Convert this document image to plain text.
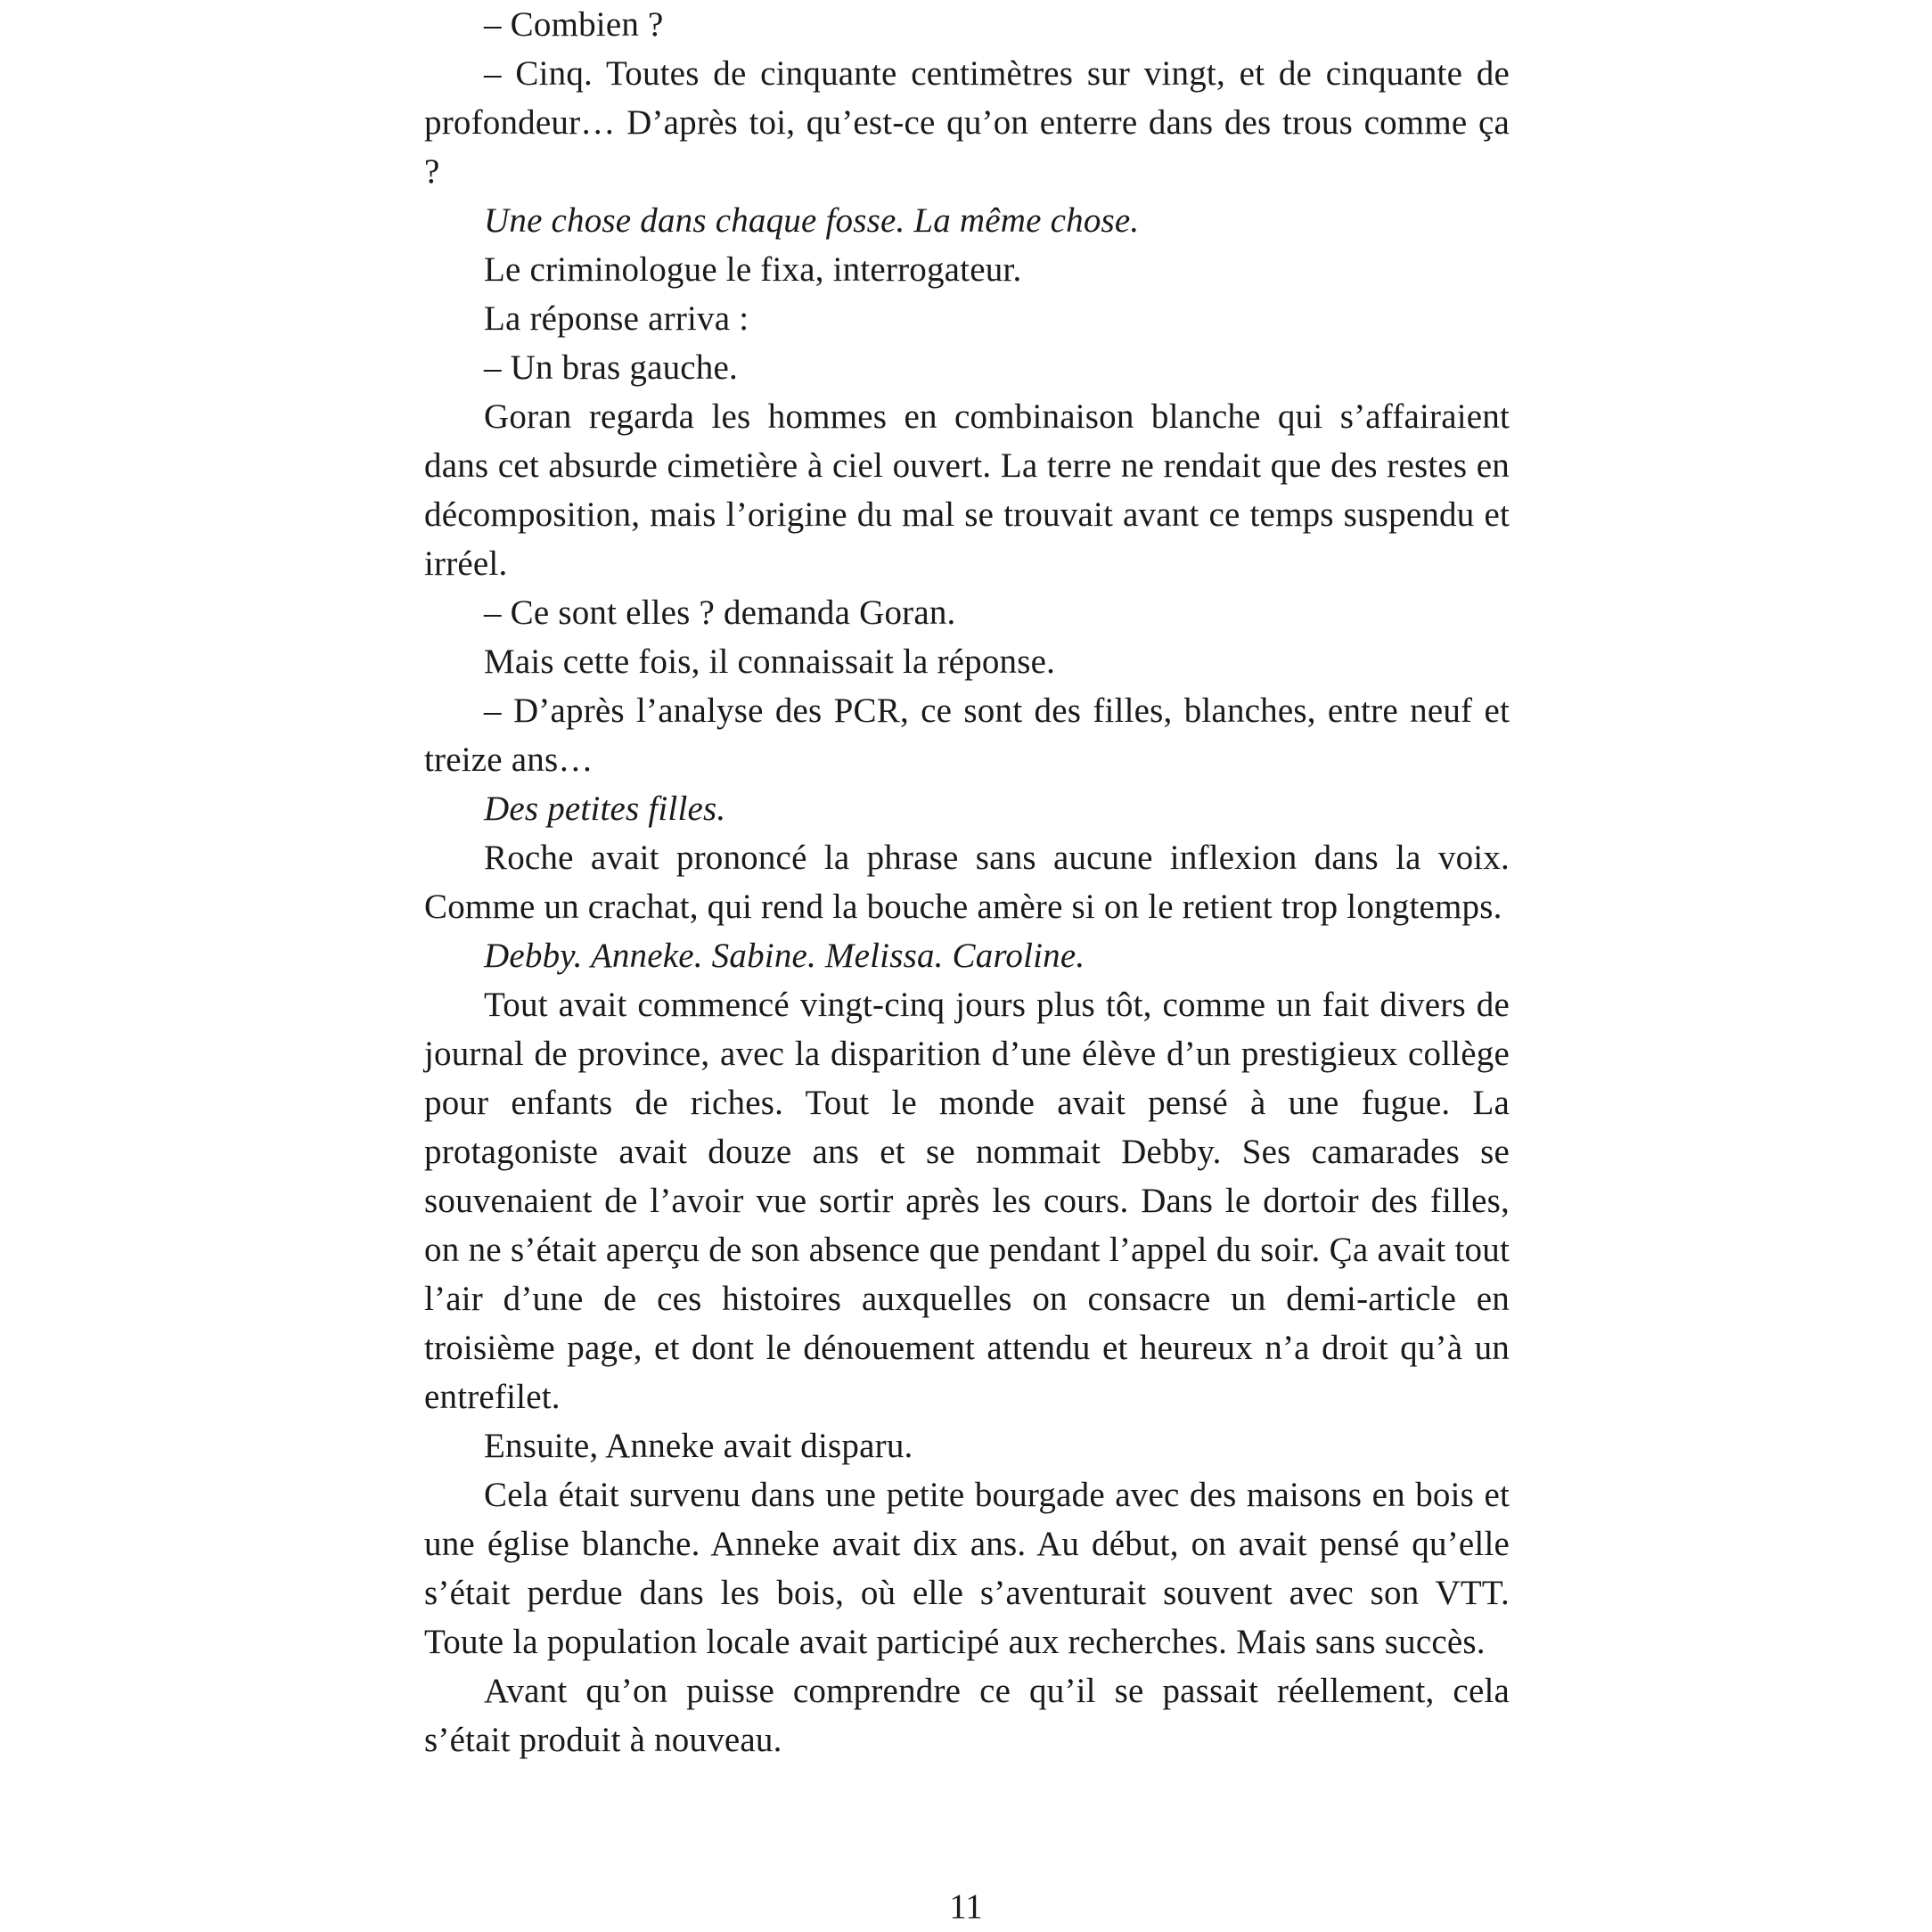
– Combien ?

– Cinq. Toutes de cinquante centimètres sur vingt, et de cinquante de profondeur… D’après toi, qu’est-ce qu’on enterre dans des trous comme ça ?

Une chose dans chaque fosse. La même chose.

Le criminologue le fixa, interrogateur.

La réponse arriva :

– Un bras gauche.

Goran regarda les hommes en combinaison blanche qui s’affairaient dans cet absurde cimetière à ciel ouvert. La terre ne rendait que des restes en décomposition, mais l’origine du mal se trouvait avant ce temps suspendu et irréel.

– Ce sont elles ? demanda Goran.

Mais cette fois, il connaissait la réponse.

– D’après l’analyse des PCR, ce sont des filles, blanches, entre neuf et treize ans…

Des petites filles.

Roche avait prononcé la phrase sans aucune inflexion dans la voix. Comme un crachat, qui rend la bouche amère si on le retient trop longtemps.

Debby. Anneke. Sabine. Melissa. Caroline.

Tout avait commencé vingt-cinq jours plus tôt, comme un fait divers de journal de province, avec la disparition d’une élève d’un prestigieux collège pour enfants de riches. Tout le monde avait pensé à une fugue. La protagoniste avait douze ans et se nommait Debby. Ses camarades se souvenaient de l’avoir vue sortir après les cours. Dans le dortoir des filles, on ne s’était aperçu de son absence que pendant l’appel du soir. Ça avait tout l’air d’une de ces histoires auxquelles on consacre un demi-article en troisième page, et dont le dénouement attendu et heureux n’a droit qu’à un entrefilet.

Ensuite, Anneke avait disparu.

Cela était survenu dans une petite bourgade avec des maisons en bois et une église blanche. Anneke avait dix ans. Au début, on avait pensé qu’elle s’était perdue dans les bois, où elle s’aventurait souvent avec son VTT. Toute la population locale avait participé aux recherches. Mais sans succès.

Avant qu’on puisse comprendre ce qu’il se passait réellement, cela s’était produit à nouveau.

11
